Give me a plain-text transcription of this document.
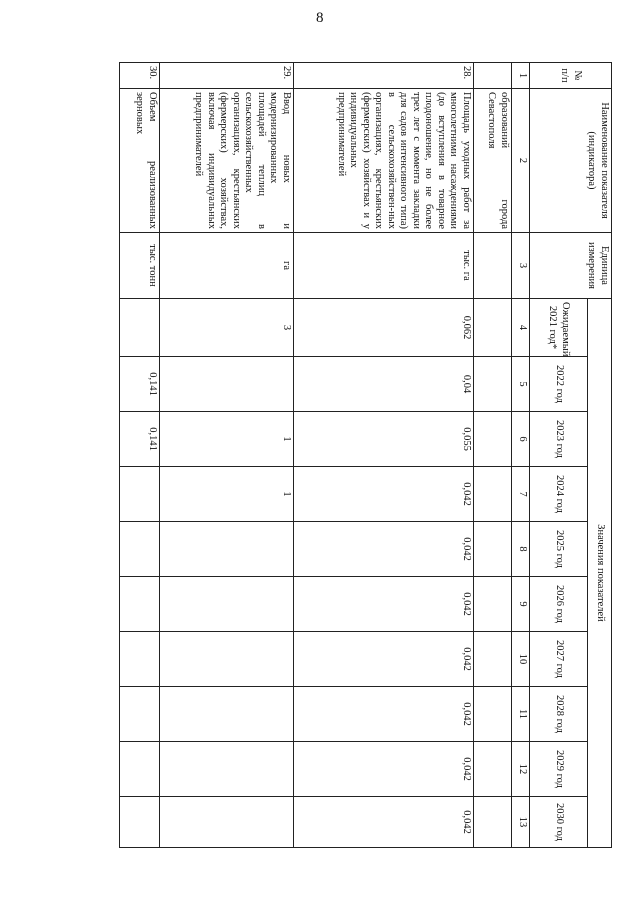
8
№ п/п	Наименование показателя (индикатора)	Единица измерения	Значения показателей									
			Ожидаемый 2021 год*	2022 год	2023 год	2024 год	2025 год	2026 год	2027 год	2028 год	2029 год	2030 год
1	2	3	4	5	6	7	8	9	10	11	12	13
	образований города Севастополя											
28.	Площадь уходных работ за многолетними насаждениями (до вступления в товарное плодоношение, но не более трех лет с момента закладки для садов интенсивного типа) в сельскохозяйствен-ных организациях, крестьянских (фермерских) хозяйствах и у индивидуальных предпринимателей	тыс. га	0,062	0,04	0,055	0,042	0,042	0,042	0,042	0,042	0,042	0,042
29.	Ввод новых и модернизированных площадей теплиц в сельскохозяйственных организациях, крестьянских (фермерских) хозяйствах, включая индивидуальных предпринимателей	га	3		1	1						
30.	Объем реализованных зерновых	тыс. тонн		0,141	0,141							
